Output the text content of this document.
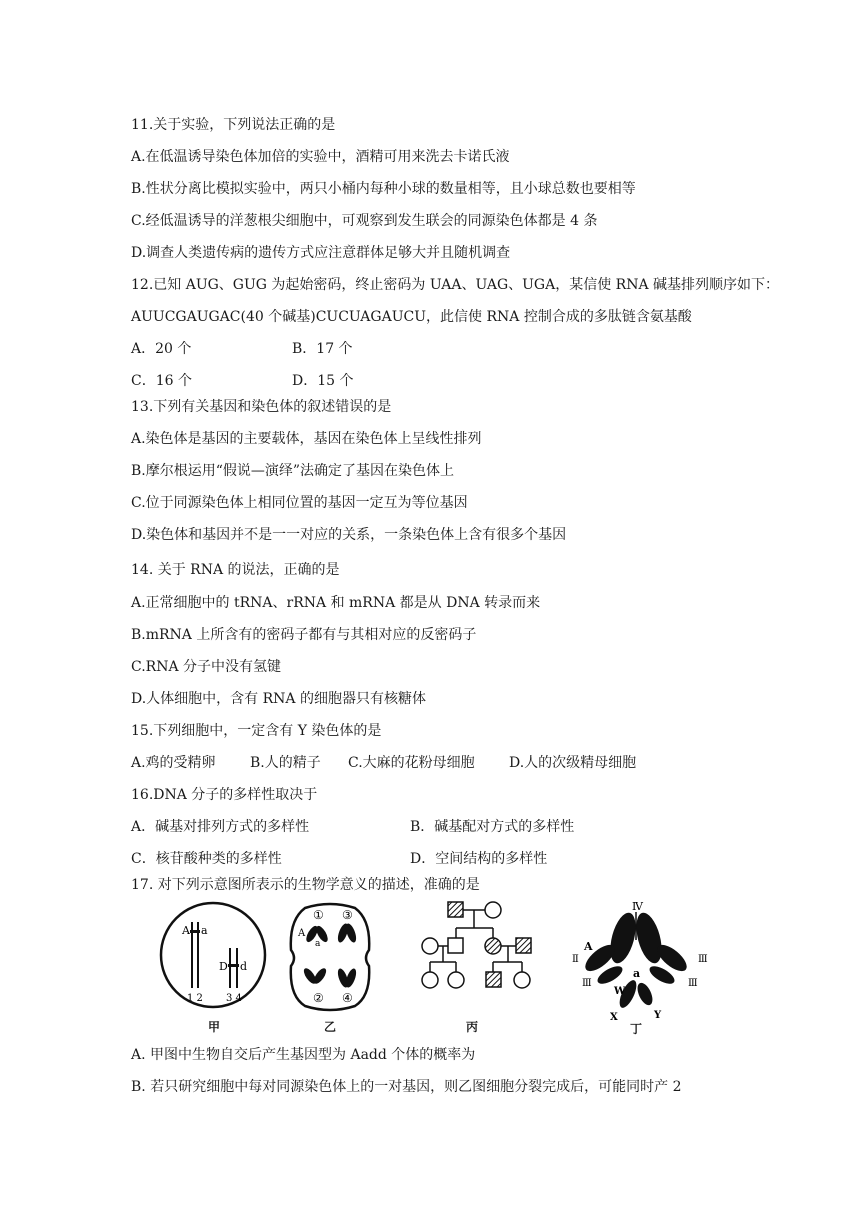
11.关于实验，下列说法正确的是
A.在低温诱导染色体加倍的实验中，酒精可用来洗去卡诺氏液
B.性状分离比模拟实验中，两只小桶内每种小球的数量相等，且小球总数也要相等
C.经低温诱导的洋葱根尖细胞中，可观察到发生联会的同源染色体都是 4 条
D.调查人类遗传病的遗传方式应注意群体足够大并且随机调查
12.已知 AUG、GUG 为起始密码，终止密码为 UAA、UAG、UGA，某信使 RNA 碱基排列顺序如下：
AUUCGAUGAC(40 个碱基)CUCUAGAUCU，此信使 RNA 控制合成的多肽链含氨基酸
A．20 个	B．17 个
C．16 个	D．15 个
13.下列有关基因和染色体的叙述错误的是
A.染色体是基因的主要载体，基因在染色体上呈线性排列
B.摩尔根运用“假说—演绎”法确定了基因在染色体上
C.位于同源染色体上相同位置的基因一定互为等位基因
D.染色体和基因并不是一一对应的关系，一条染色体上含有很多个基因
14. 关于 RNA 的说法，正确的是
A.正常细胞中的 tRNA、rRNA 和 mRNA 都是从 DNA 转录而来
B.mRNA 上所含有的密码子都有与其相对应的反密码子
C.RNA 分子中没有氢键
D.人体细胞中，含有 RNA 的细胞器只有核糖体
15.下列细胞中，一定含有 Y 染色体的是
A.鸡的受精卵 B.人的精子 C.大麻的花粉母细胞 D.人的次级精母细胞
16.DNA 分子的多样性取决于
A．碱基对排列方式的多样性	B．碱基配对方式的多样性
C．核苷酸种类的多样性	D．空间结构的多样性
17. 对下列示意图所表示的生物学意义的描述，准确的是
A a
D d
1 2 3 4
甲
① ③
② ④
A
a
乙	丙
Ⅳ
A
a
Ⅱ	Ⅲ
Ⅲ	Ⅲ
W
X	Y
丁
A. 甲图中生物自交后产生基因型为 Aadd 个体的概率为
B. 若只研究细胞中每对同源染色体上的一对基因，则乙图细胞分裂完成后，可能同时产 2
